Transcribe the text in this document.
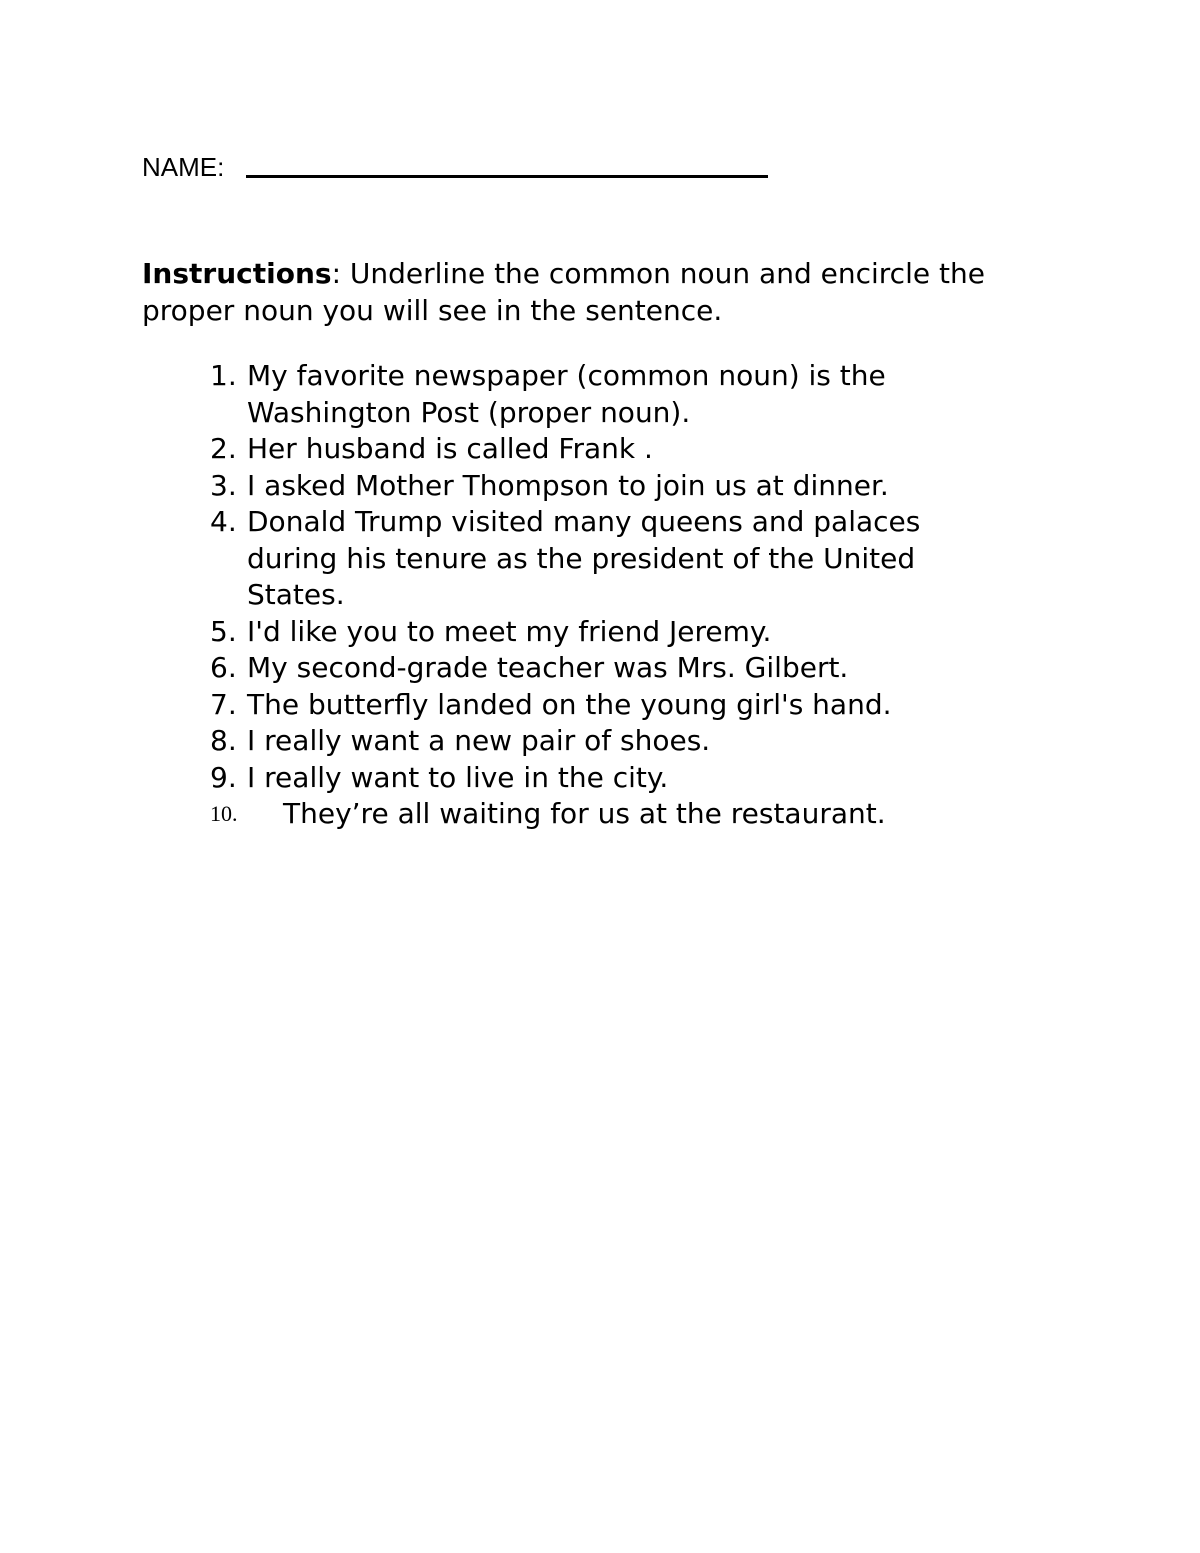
NAME:
Instructions: Underline the common noun and encircle the proper noun you will see in the sentence.
1. My favorite newspaper (common noun) is the Washington Post (proper noun).
2. Her husband is called Frank .
3. I asked Mother Thompson to join us at dinner.
4. Donald Trump visited many queens and palaces during his tenure as the president of the United States.
5. I'd like you to meet my friend Jeremy.
6. My second-grade teacher was Mrs. Gilbert.
7. The butterfly landed on the young girl's hand.
8. I really want a new pair of shoes.
9. I really want to live in the city.
10. They’re all waiting for us at the restaurant.
